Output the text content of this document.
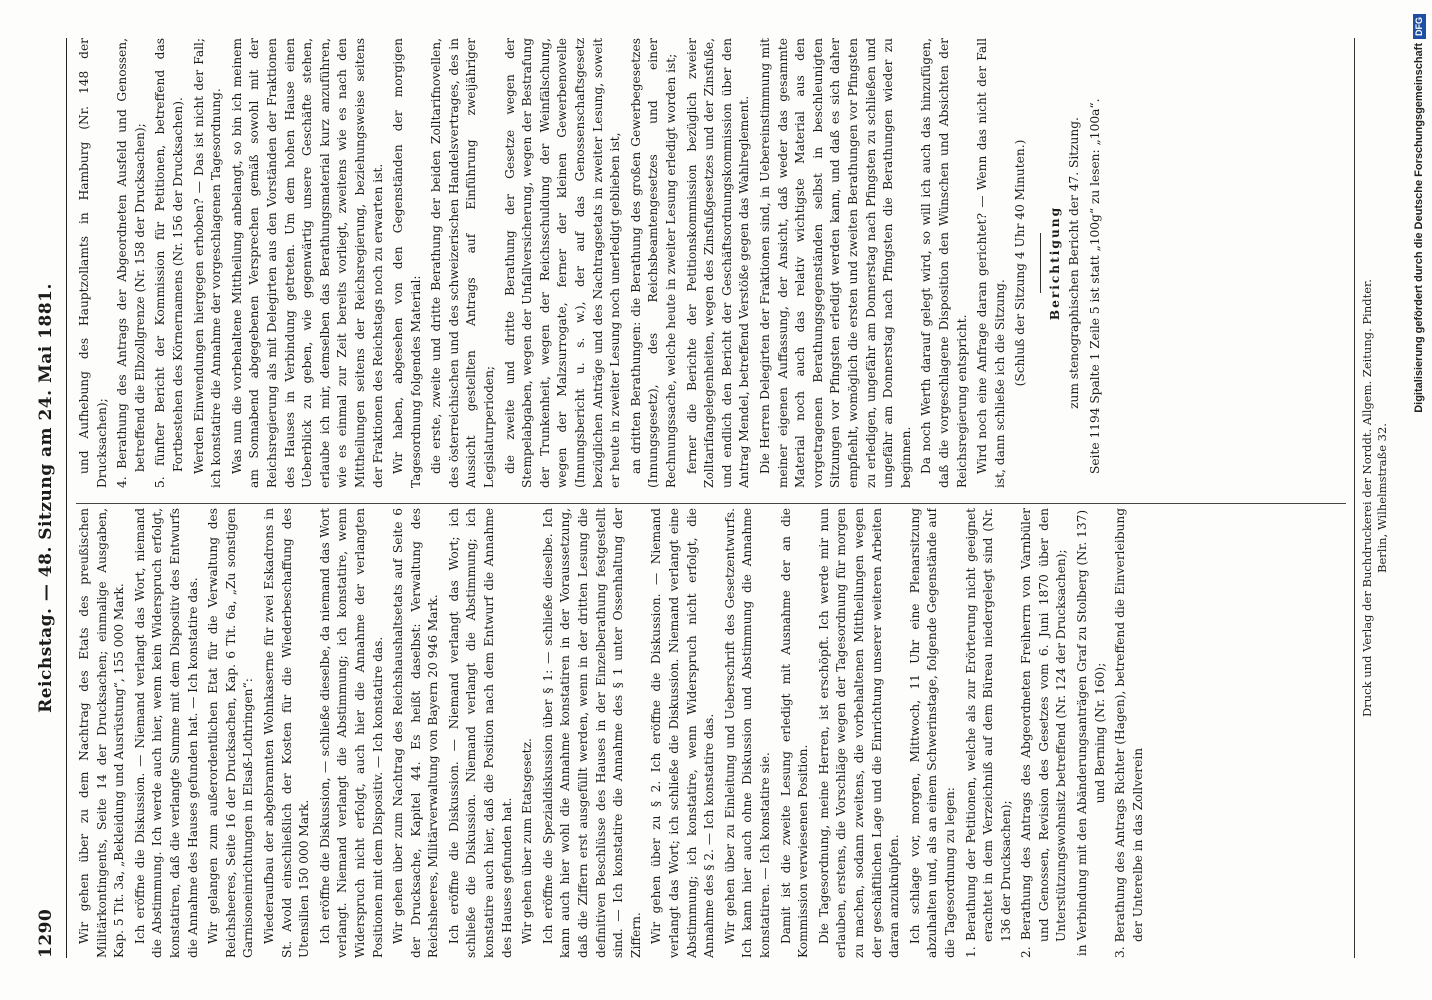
1290
Reichstag. — 48. Sitzung am 24. Mai 1881.

Wir gehen über zu dem Nachtrag des Etats des preußischen Militärkontingents, Seite 14 der Drucksachen; einmalige Ausgaben, Kap. 5 Tit. 3a, „Bekleidung und Ausrüstung“, 155 000 Mark. Ich eröffne die Diskussion. — Niemand verlangt das Wort, niemand die Abstimmung. Ich werde auch hier, wenn kein Widerspruch erfolgt, konstatiren, daß die verlangte Summe mit dem Dispositiv des Entwurfs die Annahme des Hauses gefunden hat. — Ich konstatire das. Wir gelangen zum außerordentlichen Etat für die Verwaltung des Reichsheeres, Seite 16 der Drucksachen, Kap. 6 Tit. 6a, „Zu sonstigen Garnisoneinrichtungen in Elsaß-Lothringen“: Wiederaufbau der abgebrannten Wohnkaserne für zwei Eskadrons in St. Avold einschließlich der Kosten für die Wiederbeschaffung des Utensilien 150 000 Mark. Ich eröffne die Diskussion, — schließe dieselbe, da niemand das Wort verlangt. Niemand verlangt die Abstimmung; ich konstatire, wenn Widerspruch nicht erfolgt, auch hier die Annahme der verlangten Positionen mit dem Dispositiv. — Ich konstatire das. Wir gehen über zum Nachtrag des Reichshaushaltsetats auf Seite 6 der Drucksache, Kapitel 44. Es heißt daselbst: Verwaltung des Reichsheeres, Militärverwaltung von Bayern 20 946 Mark. Ich eröffne die Diskussion. — Niemand verlangt das Wort; ich schließe die Diskussion. Niemand verlangt die Abstimmung; ich konstatire auch hier, daß die Position nach dem Entwurf die Annahme des Hauses gefunden hat. Wir gehen über zum Etatsgesetz. Ich eröffne die Spezialdiskussion über § 1: — schließe dieselbe. Ich kann auch hier wohl die Annahme konstatiren in der Voraussetzung, daß die Ziffern erst ausgefüllt werden, wenn in der dritten Lesung die definitiven Beschlüsse des Hauses in der Einzelberathung festgestellt sind. — Ich konstatire die Annahme des § 1 unter Ossenhaltung der Ziffern. Wir gehen über zu § 2. Ich eröffne die Diskussion. — Niemand verlangt das Wort; ich schließe die Diskussion. Niemand verlangt eine Abstimmung; ich konstatire, wenn Widerspruch nicht erfolgt, die Annahme des § 2. — Ich konstatire das. Wir gehen über zu Einleitung und Ueberschrift des Gesetzentwurfs. Ich kann hier auch ohne Diskussion und Abstimmung die Annahme konstatiren. — Ich konstatire sie. Damit ist die zweite Lesung erledigt mit Ausnahme der an die Kommission verwiesenen Position. Die Tagesordnung, meine Herren, ist erschöpft. Ich werde mir nun erlauben, erstens, die Vorschläge wegen der Tagesordnung für morgen zu machen, sodann zweitens, die vorbehaltenen Mittheilungen wegen der geschäftlichen Lage und die Einrichtung unserer weiteren Arbeiten daran anzuknüpfen. Ich schlage vor, morgen, Mittwoch, 11 Uhr eine Plenarsitzung abzuhalten und, als an einem Schwerinstage, folgende Gegenstände auf die Tagesordnung zu legen: 1. Berathung der Petitionen, welche als zur Erörterung nicht geeignet erachtet in dem Verzeichniß auf dem Büreau niedergelegt sind (Nr. 136 der Drucksachen); 2. Berathung des Antrags des Abgeordneten Freiherrn von Varnbüler und Genossen, Revision des Gesetzes vom 6. Juni 1870 über den Unterstützungswohnsitz betreffend (Nr. 124 der Drucksachen); in Verbindung mit den Abänderungsanträgen Graf zu Stolberg (Nr. 137) und Berning (Nr. 160); 3. Berathung des Antrags Richter (Hagen), betreffend die Einverleibung der Unterelbe in das Zollverein

und Aufhebung des Hauptzollamts in Hamburg (Nr. 148 der Drucksachen); 4. Berathung des Antrags der Abgeordneten Ausfeld und Genossen, betreffend die Elbzollgrenze (Nr. 158 der Drucksachen); 5. fünfter Bericht der Kommission für Petitionen, betreffend das Fortbestehen des Körnernamens (Nr. 156 der Drucksachen). Werden Einwendungen hiergegen erhoben? — Das ist nicht der Fall; ich konstatire die Annahme der vorgeschlagenen Tagesordnung. Was nun die vorbehaltene Mittheilung anbelangt, so bin ich meinem am Sonnabend abgegebenen Versprechen gemäß sowohl mit der Reichsregierung als mit Delegirten aus den Vorständen der Fraktionen des Hauses in Verbindung getreten. Um dem hohen Hause einen Ueberblick zu geben, wie gegenwärtig unsere Geschäfte stehen, erlaube ich mir, demselben das Berathungsmaterial kurz anzuführen, wie es einmal zur Zeit bereits vorliegt, zweitens wie es nach den Mittheilungen seitens der Reichsregierung, beziehungsweise seitens der Fraktionen des Reichstags noch zu erwarten ist. Wir haben, abgesehen von den Gegenständen der morgigen Tagesordnung folgendes Material: die erste, zweite und dritte Berathung der beiden Zolltarifnovellen, des österreichischen und des schweizerischen Handelsvertrages, des in Aussicht gestellten Antrags auf Einführung zweijähriger Legislaturperioden; die zweite und dritte Berathung der Gesetze wegen der Stempelabgaben, wegen der Unfallversicherung, wegen der Bestrafung der Trunkenheit, wegen der Reichsschuldung der Weinfälschung, wegen der Malzsurrogate, ferner der kleinen Gewerbenovelle (Innungsbericht u. s. w.), der auf das Genossenschaftsgesetz bezüglichen Anträge und des Nachtragsetats in zweiter Lesung, soweit er heute in zweiter Lesung noch unerledigt geblieben ist, an dritten Berathungen: die Berathung des großen Gewerbegesetzes (Innungsgesetz), des Reichsbeamtengesetzes und einer Rechnungssache, welche heute in zweiter Lesung erledigt worden ist; ferner die Berichte der Petitionskommission bezüglich zweier Zolltarifangelegenheiten, wegen des Zinsfußgesetzes und der Zinsfuße, und endlich den Bericht der Geschäftsordnungskommission über den Antrag Mendel, betreffend Verstöße gegen das Wahlreglement. Die Herren Delegirten der Fraktionen sind, in Uebereinstimmung mit meiner eigenen Auffassung, der Ansicht, daß weder das gesammte Material noch auch das relativ wichtigste Material aus den vorgetragenen Berathungsgegenständen selbst in beschleunigten Sitzungen vor Pfingsten erledigt werden kann, und daß es sich daher empfiehlt, womöglich die ersten und zweiten Berathungen vor Pfingsten zu erledigen, ungefähr am Donnerstag nach Pfingsten zu schließen und ungefähr am Donnerstag nach Pfingsten die Berathungen wieder zu beginnen. Da noch Werth darauf gelegt wird, so will ich auch das hinzufügen, daß die vorgeschlagene Disposition den Wünschen und Absichten der Reichsregierung entspricht. Wird noch eine Anfrage daran gerichtet? — Wenn das nicht der Fall ist, dann schließe ich die Sitzung. (Schluß der Sitzung 4 Uhr 40 Minuten.) Berichtigung zum stenographischen Bericht der 47. Sitzung. Seite 1194 Spalte 1 Zeile 5 ist statt „100g“ zu lesen: „100a“.	Druck und Verlag der Buchdruckerei der Norddt. Allgem. Zeitung. Pindter. Berlin, Wilhelmstraße 32.
Digitalisierung gefördert durch die Deutsche ForschungsgemeinschaftDFG
